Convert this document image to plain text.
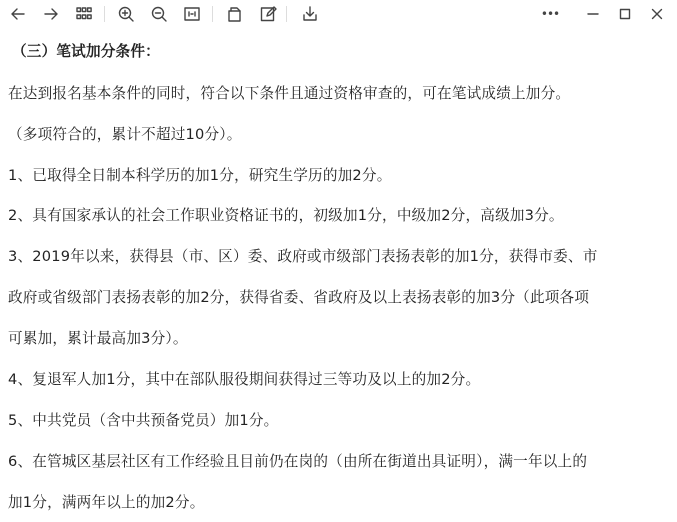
•••
（三）笔试加分条件：
在达到报名基本条件的同时，符合以下条件且通过资格审查的，可在笔试成绩上加分。
（多项符合的，累计不超过10分）。
1、已取得全日制本科学历的加1分，研究生学历的加2分。
2、具有国家承认的社会工作职业资格证书的，初级加1分，中级加2分，高级加3分。
3、2019年以来，获得县（市、区）委、政府或市级部门表扬表彰的加1分，获得市委、市
政府或省级部门表扬表彰的加2分，获得省委、省政府及以上表扬表彰的加3分（此项各项
可累加，累计最高加3分）。
4、复退军人加1分，其中在部队服役期间获得过三等功及以上的加2分。
5、中共党员（含中共预备党员）加1分。
6、在管城区基层社区有工作经验且目前仍在岗的（由所在街道出具证明），满一年以上的
加1分，满两年以上的加2分。
